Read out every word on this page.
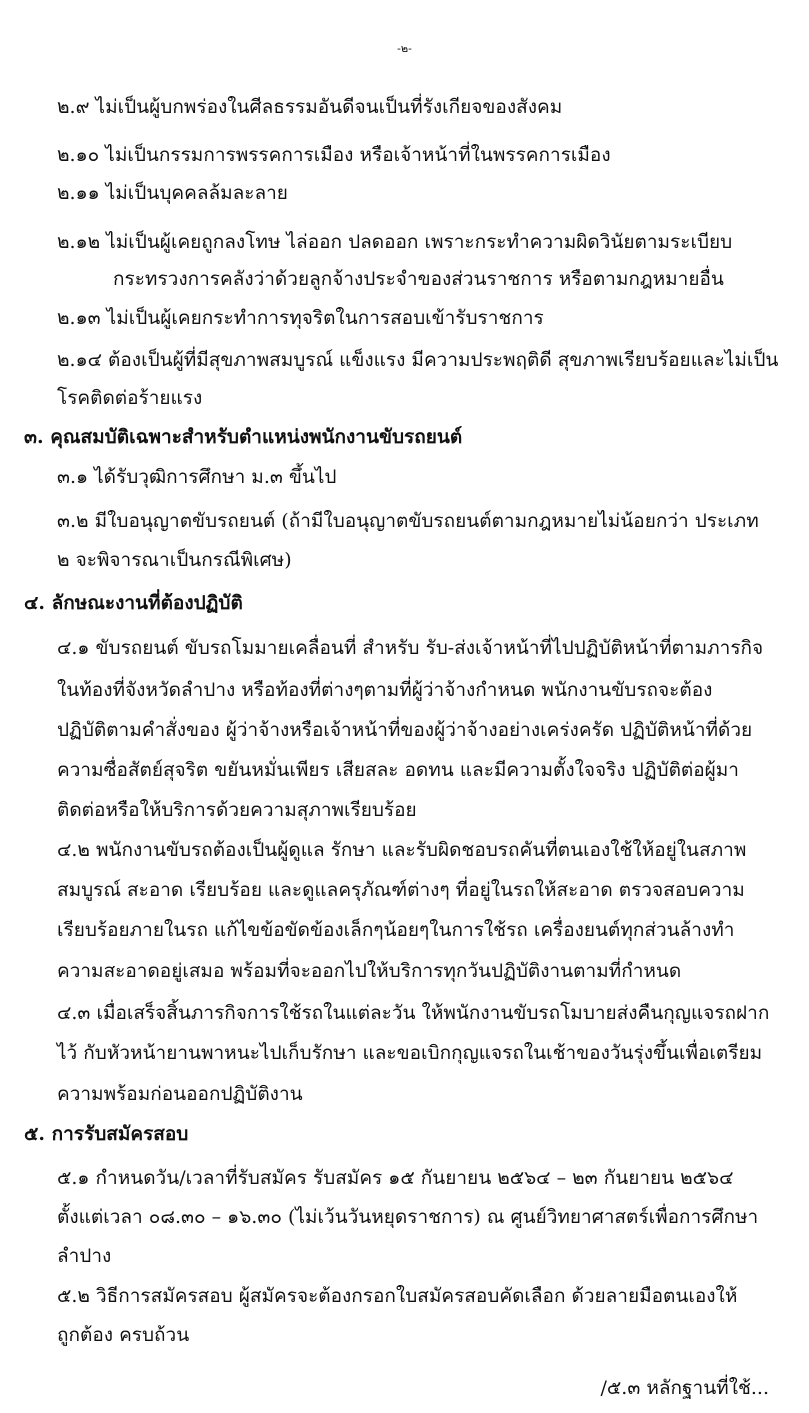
-๒-
๒.๙ ไม่เป็นผู้บกพร่องในศีลธรรมอันดีจนเป็นที่รังเกียจของสังคม
๒.๑๐ ไม่เป็นกรรมการพรรคการเมือง หรือเจ้าหน้าที่ในพรรคการเมือง
๒.๑๑ ไม่เป็นบุคคลล้มละลาย
๒.๑๒ ไม่เป็นผู้เคยถูกลงโทษ ไล่ออก ปลดออก เพราะกระทำความผิดวินัยตามระเบียบ
กระทรวงการคลังว่าด้วยลูกจ้างประจำของส่วนราชการ หรือตามกฎหมายอื่น
๒.๑๓ ไม่เป็นผู้เคยกระทำการทุจริตในการสอบเข้ารับราชการ
๒.๑๔ ต้องเป็นผู้ที่มีสุขภาพสมบูรณ์ แข็งแรง มีความประพฤติดี สุขภาพเรียบร้อยและไม่เป็น
โรคติดต่อร้ายแรง
๓. คุณสมบัติเฉพาะสำหรับตำแหน่งพนักงานขับรถยนต์
๓.๑ ได้รับวุฒิการศึกษา ม.๓ ขึ้นไป
๓.๒ มีใบอนุญาตขับรถยนต์ (ถ้ามีใบอนุญาตขับรถยนต์ตามกฎหมายไม่น้อยกว่า ประเภท
๒ จะพิจารณาเป็นกรณีพิเศษ)
๔. ลักษณะงานที่ต้องปฏิบัติ
๔.๑ ขับรถยนต์ ขับรถโมมายเคลื่อนที่ สำหรับ รับ-ส่งเจ้าหน้าที่ไปปฏิบัติหน้าที่ตามภารกิจ
ในท้องที่จังหวัดลำปาง หรือท้องที่ต่างๆตามที่ผู้ว่าจ้างกำหนด พนักงานขับรถจะต้อง
ปฏิบัติตามคำสั่งของ ผู้ว่าจ้างหรือเจ้าหน้าที่ของผู้ว่าจ้างอย่างเคร่งครัด ปฏิบัติหน้าที่ด้วย
ความซื่อสัตย์สุจริต ขยันหมั่นเพียร เสียสละ อดทน และมีความตั้งใจจริง ปฏิบัติต่อผู้มา
ติดต่อหรือให้บริการด้วยความสุภาพเรียบร้อย
๔.๒ พนักงานขับรถต้องเป็นผู้ดูแล รักษา และรับผิดชอบรถคันที่ตนเองใช้ให้อยู่ในสภาพ
สมบูรณ์ สะอาด เรียบร้อย และดูแลครุภัณฑ์ต่างๆ ที่อยู่ในรถให้สะอาด ตรวจสอบความ
เรียบร้อยภายในรถ แก้ไขข้อขัดข้องเล็กๆน้อยๆในการใช้รถ เครื่องยนต์ทุกส่วนล้างทำ
ความสะอาดอยู่เสมอ พร้อมที่จะออกไปให้บริการทุกวันปฏิบัติงานตามที่กำหนด
๔.๓ เมื่อเสร็จสิ้นภารกิจการใช้รถในแต่ละวัน ให้พนักงานขับรถโมบายส่งคืนกุญแจรถฝาก
ไว้ กับหัวหน้ายานพาหนะไปเก็บรักษา และขอเบิกกุญแจรถในเช้าของวันรุ่งขึ้นเพื่อเตรียม
ความพร้อมก่อนออกปฏิบัติงาน
๕. การรับสมัครสอบ
๕.๑ กำหนดวัน/เวลาที่รับสมัคร รับสมัคร ๑๕ กันยายน ๒๕๖๔ – ๒๓ กันยายน ๒๕๖๔
ตั้งแต่เวลา ๐๘.๓๐ – ๑๖.๓๐ (ไม่เว้นวันหยุดราชการ) ณ ศูนย์วิทยาศาสตร์เพื่อการศึกษา
ลำปาง
๕.๒ วิธีการสมัครสอบ ผู้สมัครจะต้องกรอกใบสมัครสอบคัดเลือก ด้วยลายมือตนเองให้
ถูกต้อง ครบถ้วน
/๕.๓ หลักฐานที่ใช้...
